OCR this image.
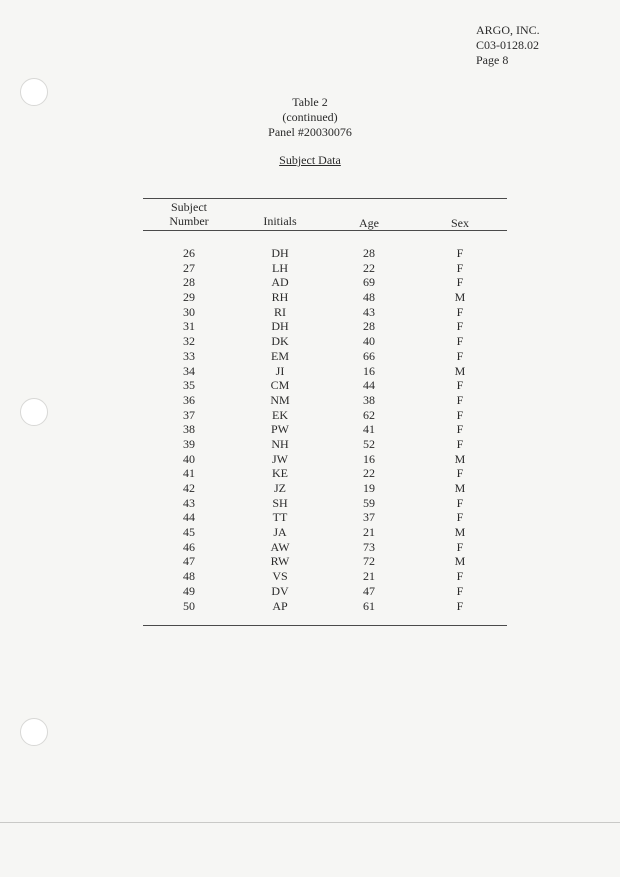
ARGO, INC.
C03-0128.02
Page 8
Table 2
(continued)
Panel #20030076
Subject Data
Subject
Number	Initials	Age	Sex
26	DH	28	F
27	LH	22	F
28	AD	69	F
29	RH	48	M
30	RI	43	F
31	DH	28	F
32	DK	40	F
33	EM	66	F
34	JI	16	M
35	CM	44	F
36	NM	38	F
37	EK	62	F
38	PW	41	F
39	NH	52	F
40	JW	16	M
41	KE	22	F
42	JZ	19	M
43	SH	59	F
44	TT	37	F
45	JA	21	M
46	AW	73	F
47	RW	72	M
48	VS	21	F
49	DV	47	F
50	AP	61	F
